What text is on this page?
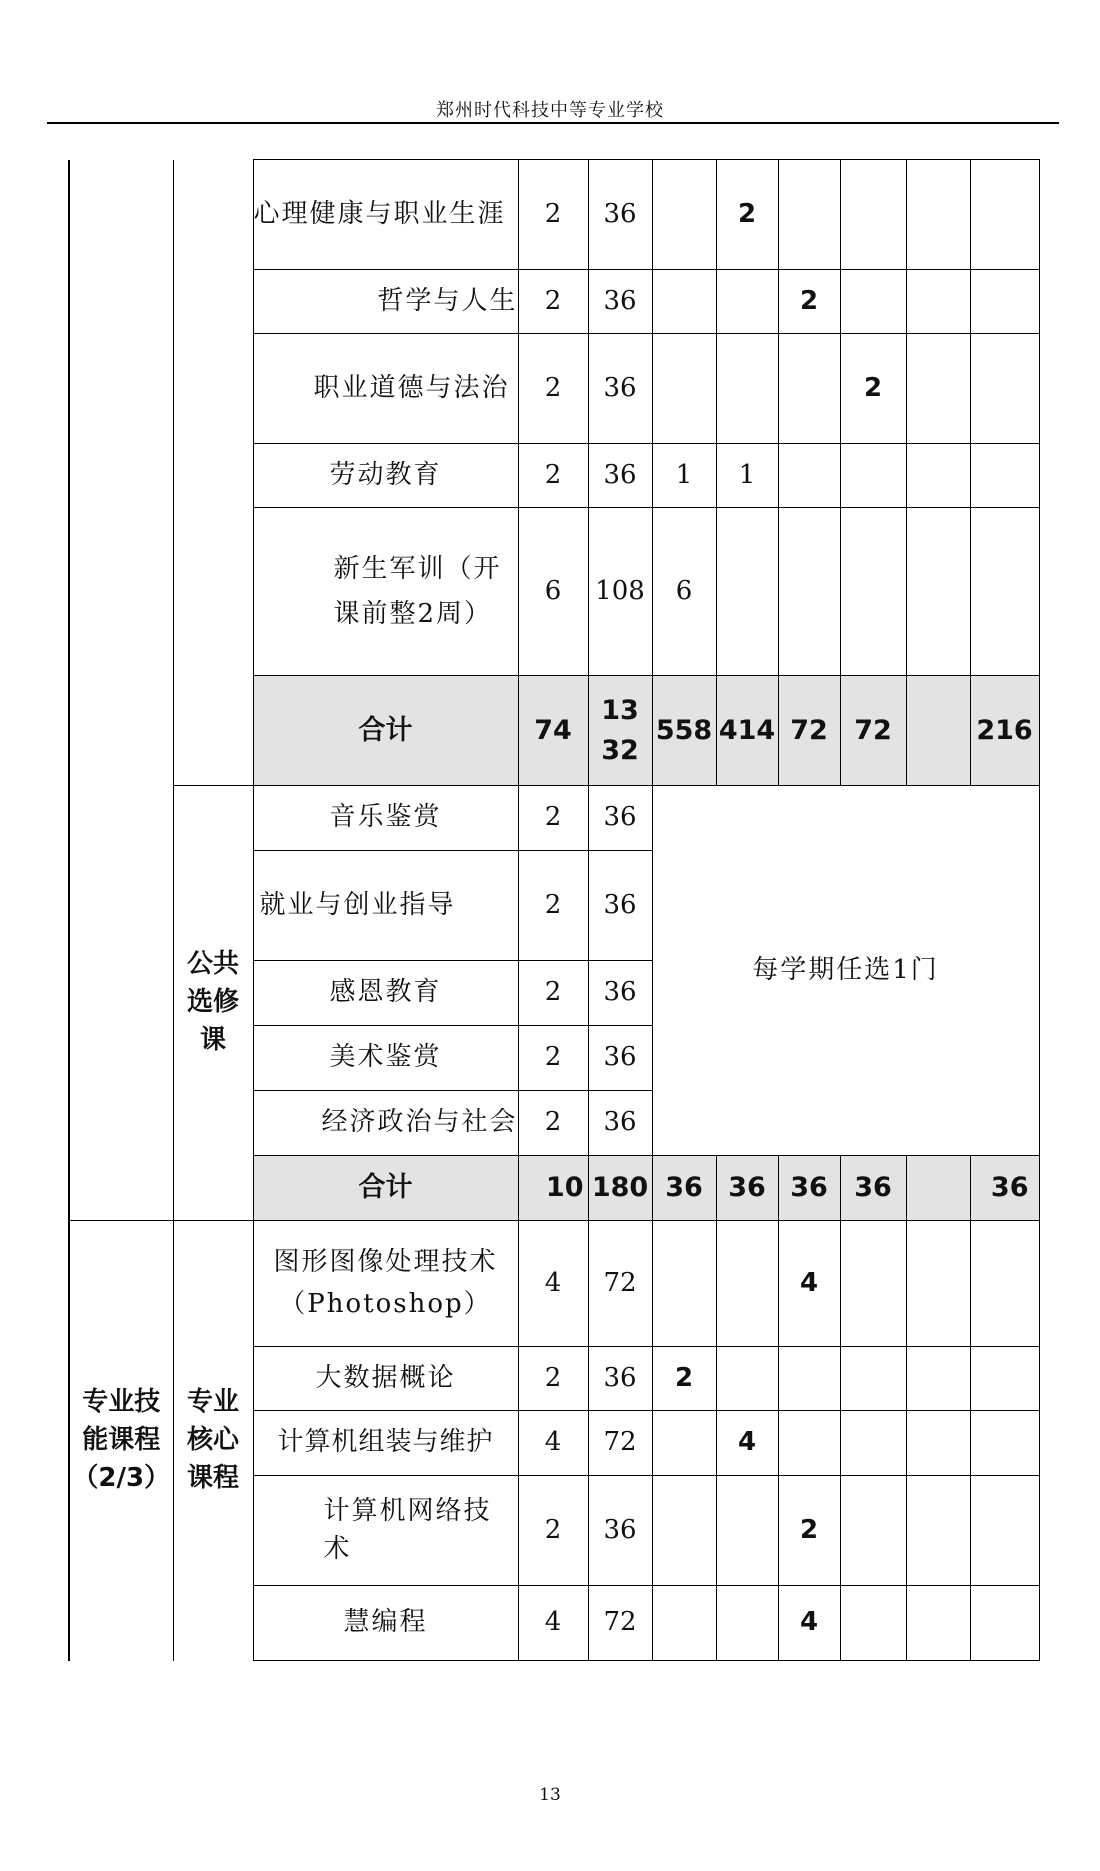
郑州时代科技中等专业学校
		心理健康与职业生涯	2	36		2				
		哲学与人生	2	36			2			
		职业道德与法治	2	36				2		
		劳动教育	2	36	1	1				
		新生军训（开课前整2周）	6	108	6					
		合计	74	1332	558	414	72	72		216
	公共选修课	音乐鉴赏	2	36	每学期任选1门					
		就业与创业指导	2	36						
		感恩教育	2	36						
		美术鉴赏	2	36						
		经济政治与社会	2	36						
		合计	10	180	36	36	36	36		36
专业技能课程（2/3）	专业核心课程	图形图像处理技术（Photoshop）	4	72			4			
		大数据概论	2	36	2					
		计算机组装与维护	4	72		4				
		计算机网络技术	2	36			2			
		慧编程	4	72			4			
13
